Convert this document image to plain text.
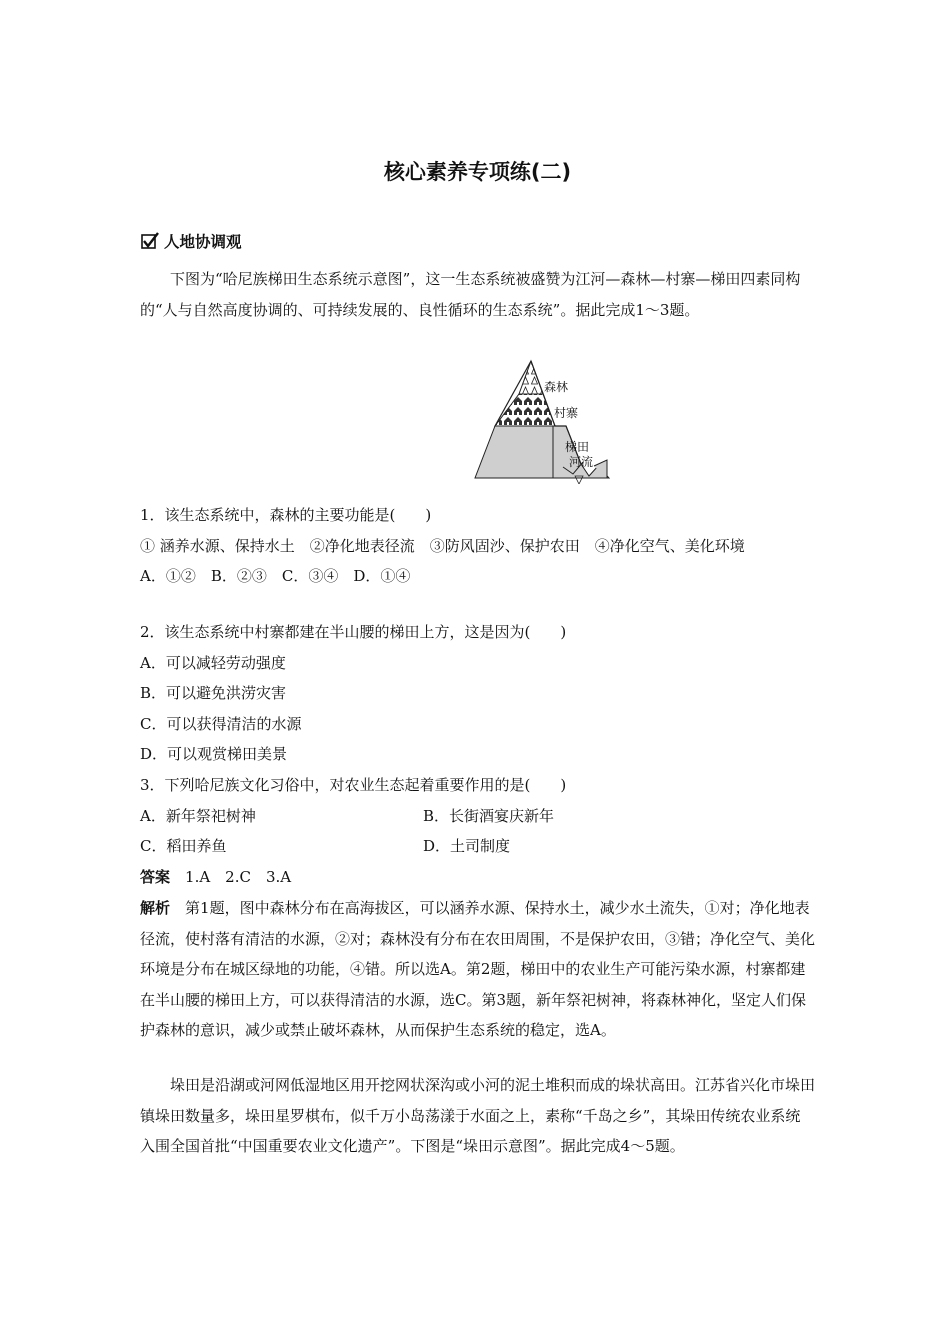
核心素养专项练(二)
人地协调观

下图为“哈尼族梯田生态系统示意图”，这一生态系统被盛赞为江河—森林—村寨—梯田四素同构的“人与自然高度协调的、可持续发展的、良性循环的生态系统”。据此完成1～3题。

森林
村寨
梯田
河流

1．该生态系统中，森林的主要功能是(　　)

① 涵养水源、保持水土　②净化地表径流　③防风固沙、保护农田　④净化空气、美化环境

A．①②　B．②③　C．③④　D．①④

2．该生态系统中村寨都建在半山腰的梯田上方，这是因为(　　)

A．可以减轻劳动强度

B．可以避免洪涝灾害

C．可以获得清洁的水源

D．可以观赏梯田美景

3．下列哈尼族文化习俗中，对农业生态起着重要作用的是(　　)

A．新年祭祀树神	B．长街酒宴庆新年

C．稻田养鱼	D．土司制度

答案　 1.A　2.C　3.A

解析　 第1题，图中森林分布在高海拔区，可以涵养水源、保持水土，减少水土流失，①对；净化地表径流，使村落有清洁的水源，②对；森林没有分布在农田周围，不是保护农田，③错；净化空气、美化环境是分布在城区绿地的功能，④错。所以选A。第2题，梯田中的农业生产可能污染水源，村寨都建在半山腰的梯田上方，可以获得清洁的水源，选C。第3题，新年祭祀树神，将森林神化，坚定人们保护森林的意识，减少或禁止破坏森林，从而保护生态系统的稳定，选A。

垛田是沿湖或河网低湿地区用开挖网状深沟或小河的泥土堆积而成的垛状高田。江苏省兴化市垛田镇垛田数量多，垛田星罗棋布，似千万小岛荡漾于水面之上，素称“千岛之乡”，其垛田传统农业系统入围全国首批“中国重要农业文化遗产”。下图是“垛田示意图”。据此完成4～5题。
